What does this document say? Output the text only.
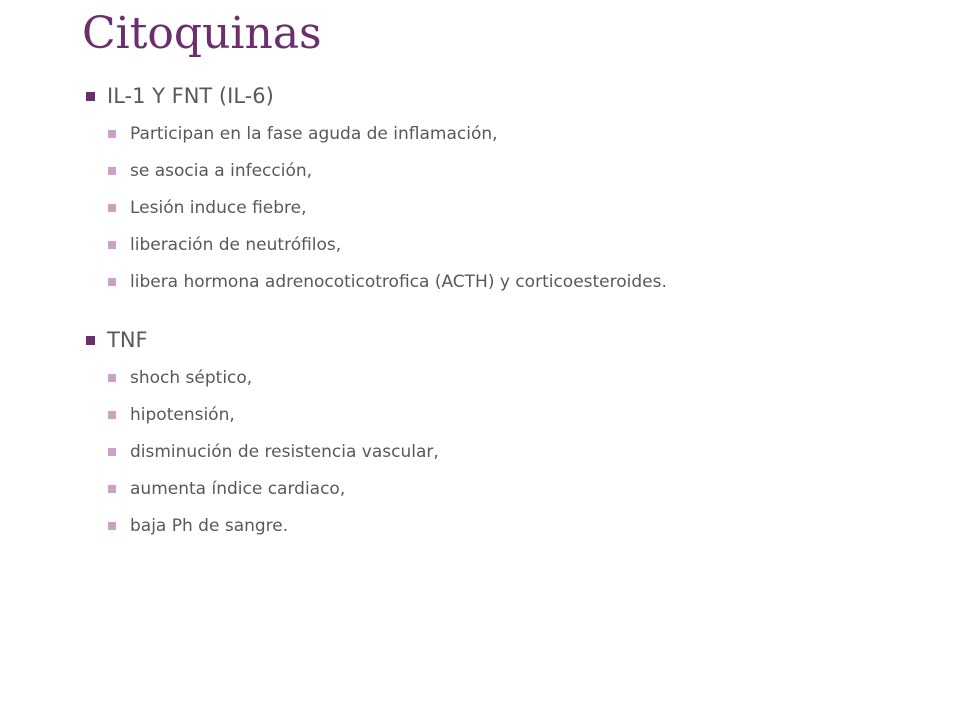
Citoquinas
IL-1 Y FNT (IL-6)
Participan en la fase aguda de inflamación,
se asocia a infección,
Lesión induce fiebre,
liberación de neutrófilos,
libera hormona adrenocoticotrofica (ACTH) y corticoesteroides.
TNF
shoch séptico,
hipotensión,
disminución de resistencia vascular,
aumenta índice cardiaco,
baja Ph de sangre.
